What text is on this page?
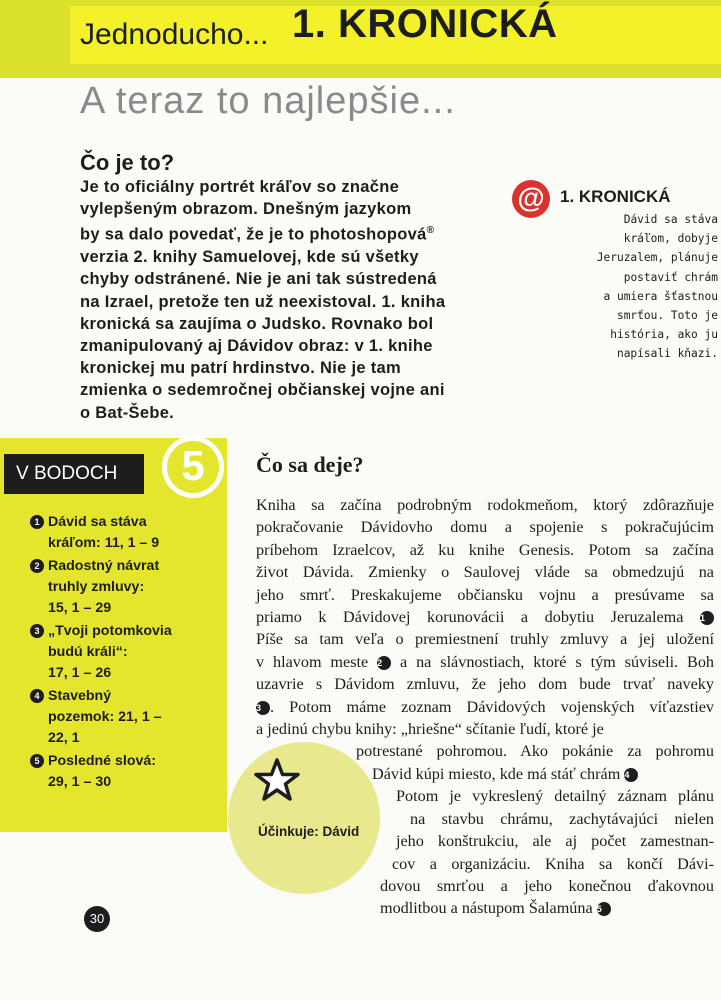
Jednoducho... 1. KRONICKÁ
A teraz to najlepšie...
Čo je to?
Je to oficiálny portrét kráľov so značne
vylepšeným obrazom. Dnešným jazykom
by sa dalo povedať, že je to photoshopová®
verzia 2. knihy Samuelovej, kde sú všetky
chyby odstránené. Nie je ani tak sústredená
na Izrael, pretože ten už neexistoval. 1. kniha
kronická sa zaujíma o Judsko. Rovnako bol
zmanipulovaný aj Dávidov obraz: v 1. knihe
kronickej mu patrí hrdinstvo. Nie je tam
zmienka o sedemročnej občianskej vojne ani
o Bat-Šebe.
@ 1. KRONICKÁ
Dávid sa stáva
kráľom, dobyje
Jeruzalem, plánuje
postaviť chrám
a umiera šťastnou
smrťou. Toto je
história, ako ju
napísali kňazi.
V BODOCH	5
1 Dávid sa stáva
kráľom: 11, 1 – 9
2 Radostný návrat
truhly zmluvy:
15, 1 – 29
3 „Tvoji potomkovia
budú králi“:
17, 1 – 26
4 Stavebný
pozemok: 21, 1 –
22, 1
5 Posledné slová:
29, 1 – 30
Účinkuje: Dávid
30
Čo sa deje?
Kniha sa začína podrobným rodokmeňom, ktorý zdôrazňuje
pokračovanie Dávidovho domu a spojenie s pokračujúcim
príbehom Izraelcov, až ku knihe Genesis. Potom sa začína
život Dávida. Zmienky o Saulovej vláde sa obmedzujú na
jeho smrť. Preskakujeme občiansku vojnu a presúvame sa
priamo k Dávidovej korunovácii a dobytiu Jeruzalema 1
Píše sa tam veľa o premiestnení truhly zmluvy a jej uložení
v hlavom meste 2 a na slávnostiach, ktoré s tým súviseli. Boh
uzavrie s Dávidom zmluvu, že jeho dom bude trvať naveky
3 . Potom máme zoznam Dávidových vojenských víťazstiev
a jedinú chybu knihy: „hriešne“ sčítanie ľudí, ktoré je
potrestané pohromou. Ako pokánie za pohromu
Dávid kúpi miesto, kde má stáť chrám 4
Potom je vykreslený detailný záznam plánu
na stavbu chrámu, zachytávajúci nielen
jeho konštrukciu, ale aj počet zamestnan-
cov a organizáciu. Kniha sa končí Dávi-
dovou smrťou a jeho konečnou ďakovnou
modlitbou a nástupom Šalamúna 5
